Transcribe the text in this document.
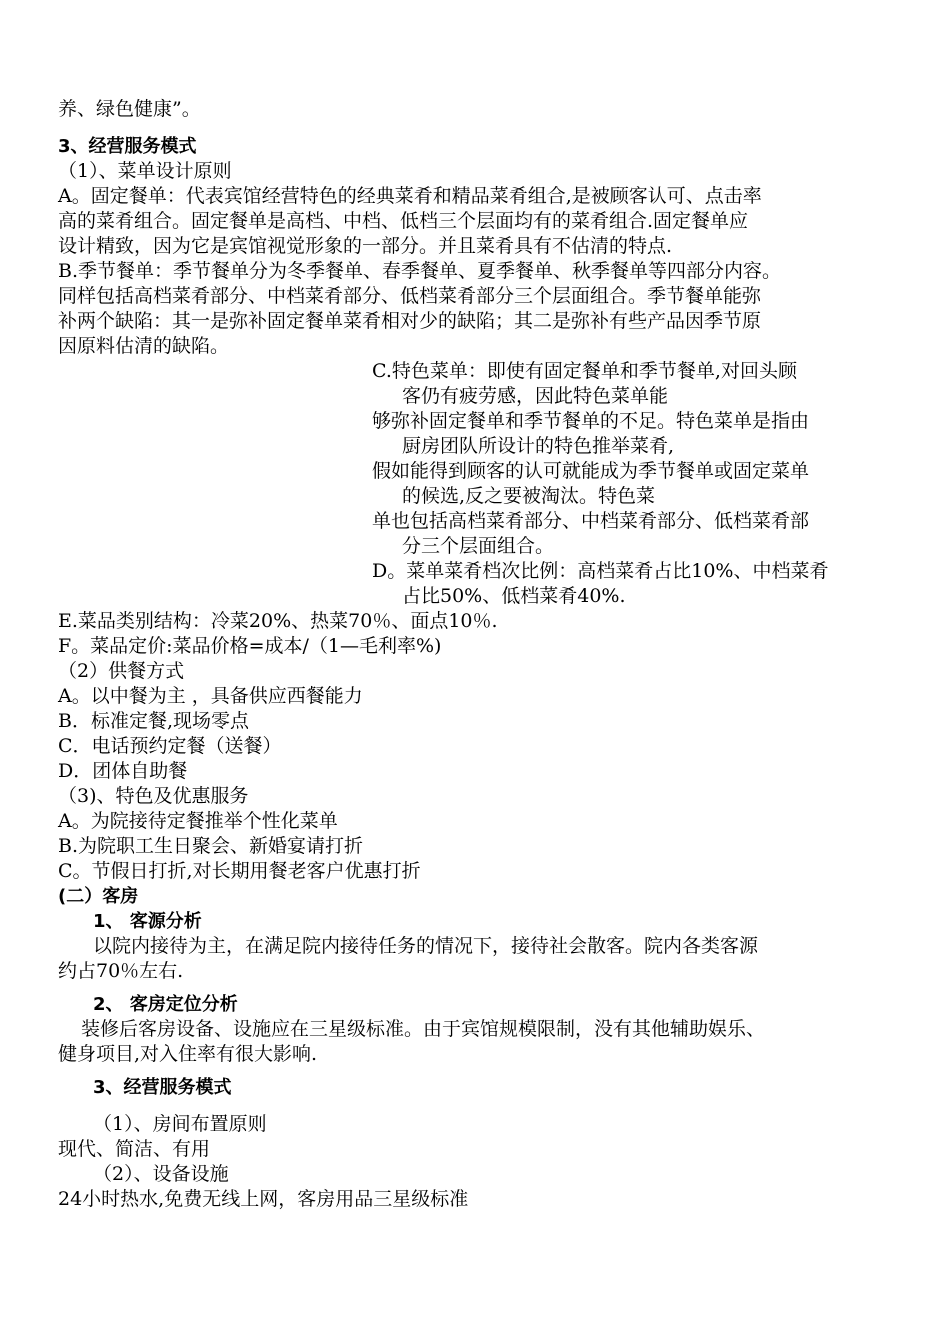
养、绿色健康”。
3、经营服务模式
（1）、菜单设计原则
A。固定餐单：代表宾馆经营特色的经典菜肴和精品菜肴组合,是被顾客认可、点击率
高的菜肴组合。固定餐单是高档、中档、低档三个层面均有的菜肴组合.固定餐单应
设计精致，因为它是宾馆视觉形象的一部分。并且菜肴具有不估清的特点.
B.季节餐单：季节餐单分为冬季餐单、春季餐单、夏季餐单、秋季餐单等四部分内容。
同样包括高档菜肴部分、中档菜肴部分、低档菜肴部分三个层面组合。季节餐单能弥
补两个缺陷：其一是弥补固定餐单菜肴相对少的缺陷；其二是弥补有些产品因季节原
因原料估清的缺陷。
C.特色菜单：即使有固定餐单和季节餐单,对回头顾
客仍有疲劳感，因此特色菜单能
够弥补固定餐单和季节餐单的不足。特色菜单是指由
厨房团队所设计的特色推举菜肴,
假如能得到顾客的认可就能成为季节餐单或固定菜单
的候选,反之要被淘汰。特色菜
单也包括高档菜肴部分、中档菜肴部分、低档菜肴部
分三个层面组合。
D。菜单菜肴档次比例：高档菜肴占比10%、中档菜肴
占比50%、低档菜肴40%.
E.菜品类别结构：冷菜20%、热菜70％、面点10％.
F。菜品定价:菜品价格=成本/（1—毛利率%)
（2）供餐方式
A。以中餐为主 ，具备供应西餐能力
B．标准定餐,现场零点
C．电话预约定餐（送餐）
D．团体自助餐
（3)、特色及优惠服务
A。为院接待定餐推举个性化菜单
B.为院职工生日聚会、新婚宴请打折
C。节假日打折,对长期用餐老客户优惠打折
(二）客房
1、 客源分析
以院内接待为主，在满足院内接待任务的情况下，接待社会散客。院内各类客源
约占70％左右.
2、 客房定位分析
装修后客房设备、设施应在三星级标准。由于宾馆规模限制，没有其他辅助娱乐、
健身项目,对入住率有很大影响.
3、经营服务模式
（1）、房间布置原则
现代、简洁、有用
（2）、设备设施
24小时热水,免费无线上网，客房用品三星级标准
